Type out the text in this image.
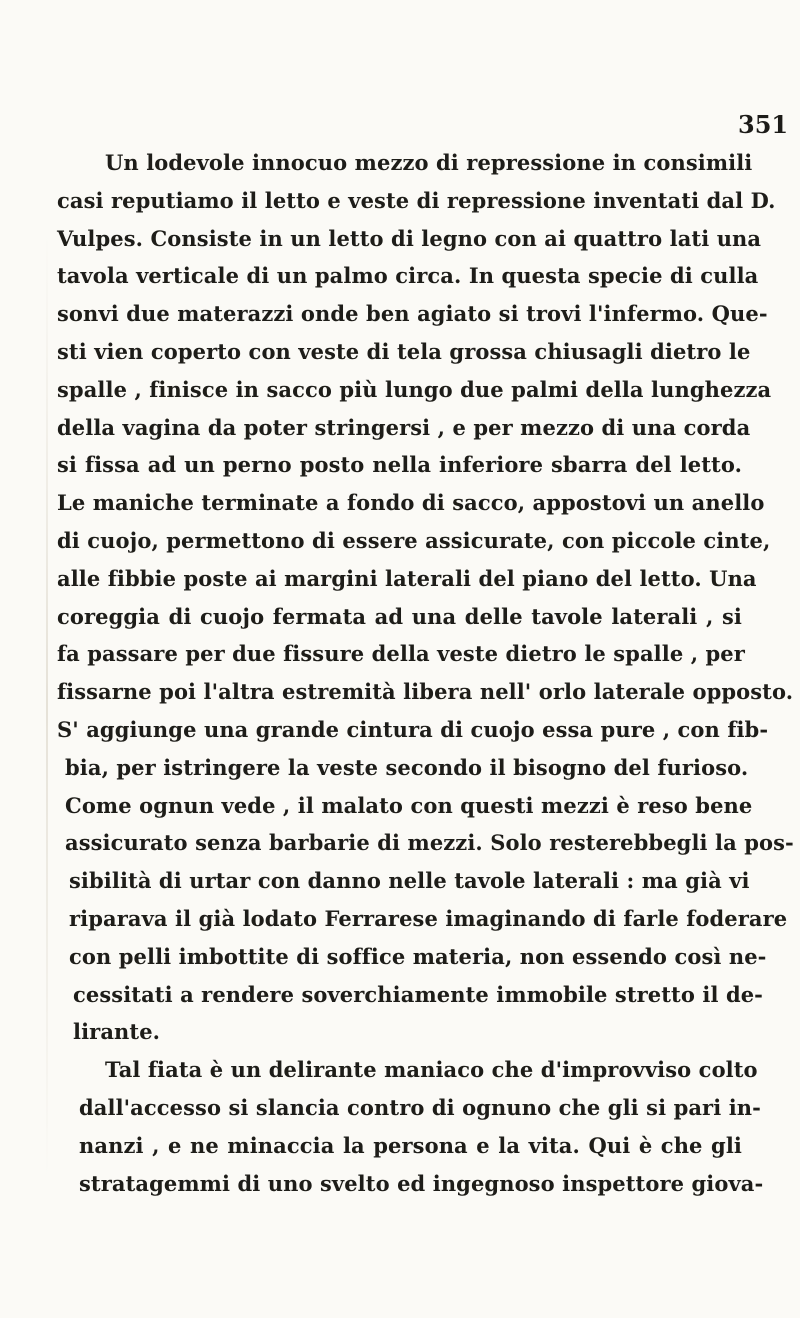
351
Un lodevole innocuo mezzo di repressione in consimili
casi reputiamo il letto e veste di repressione inventati dal D.
Vulpes. Consiste in un letto di legno con ai quattro lati una
tavola verticale di un palmo circa. In questa specie di culla
sonvi due materazzi onde ben agiato si trovi l'infermo. Que-
sti vien coperto con veste di tela grossa chiusagli dietro le
spalle , finisce in sacco più lungo due palmi della lunghezza
della vagina da poter stringersi , e per mezzo di una corda
si fissa ad un perno posto nella inferiore sbarra del letto.
Le maniche terminate a fondo di sacco, appostovi un anello
di cuojo, permettono di essere assicurate, con piccole cinte,
alle fibbie poste ai margini laterali del piano del letto. Una
coreggia di cuojo fermata ad una delle tavole laterali , si
fa passare per due fissure della veste dietro le spalle , per
fissarne poi l'altra estremità libera nell' orlo laterale opposto.
S' aggiunge una grande cintura di cuojo essa pure , con fib-
bia, per istringere la veste secondo il bisogno del furioso.
Come ognun vede , il malato con questi mezzi è reso bene
assicurato senza barbarie di mezzi. Solo resterebbegli la pos-
sibilità di urtar con danno nelle tavole laterali : ma già vi
riparava il già lodato Ferrarese imaginando di farle foderare
con pelli imbottite di soffice materia, non essendo così ne-
cessitati a rendere soverchiamente immobile stretto il de-
lirante.
Tal fiata è un delirante maniaco che d'improvviso colto
dall'accesso si slancia contro di ognuno che gli si pari in-
nanzi , e ne minaccia la persona e la vita. Qui è che gli
stratagemmi di uno svelto ed ingegnoso inspettore giova-
